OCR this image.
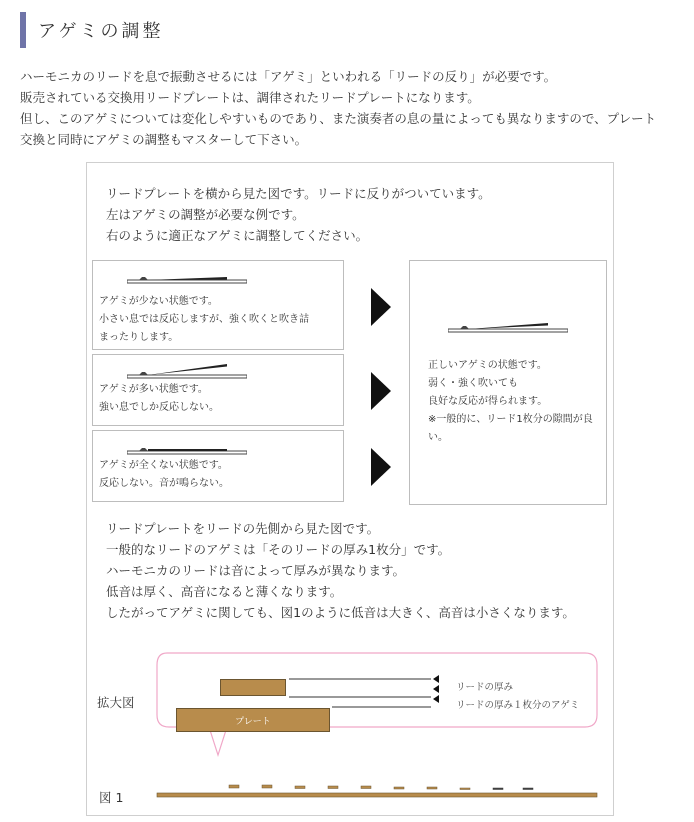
アゲミの調整

ハーモニカのリードを息で振動させるには「アゲミ」といわれる「リードの反り」が必要です。

販売されている交換用リードプレートは、調律されたリードプレートになります。

但し、このアゲミについては変化しやすいものであり、また演奏者の息の量によっても異なりますので、プレート

交換と同時にアゲミの調整もマスターして下さい。

リードプレートを横から見た図です。リードに反りがついています。

左はアゲミの調整が必要な例です。

右のように適正なアゲミに調整してください。

アゲミが少ない状態です。

小さい息では反応しますが、強く吹くと吹き詰

まったりします。

アゲミが多い状態です。

強い息でしか反応しない。

アゲミが全くない状態です。

反応しない。音が鳴らない。

正しいアゲミの状態です。

弱く・強く吹いても

良好な反応が得られます。

※一般的に、リード1枚分の隙間が良

い。

リードプレートをリードの先側から見た図です。

一般的なリードのアゲミは「そのリードの厚み1枚分」です。

ハーモニカのリードは音によって厚みが異なります。

低音は厚く、高音になると薄くなります。

したがってアゲミに関しても、図1のように低音は大きく、高音は小さくなります。

プレート
リードの厚み
リードの厚み１枚分のアゲミ
拡大図
図 1
